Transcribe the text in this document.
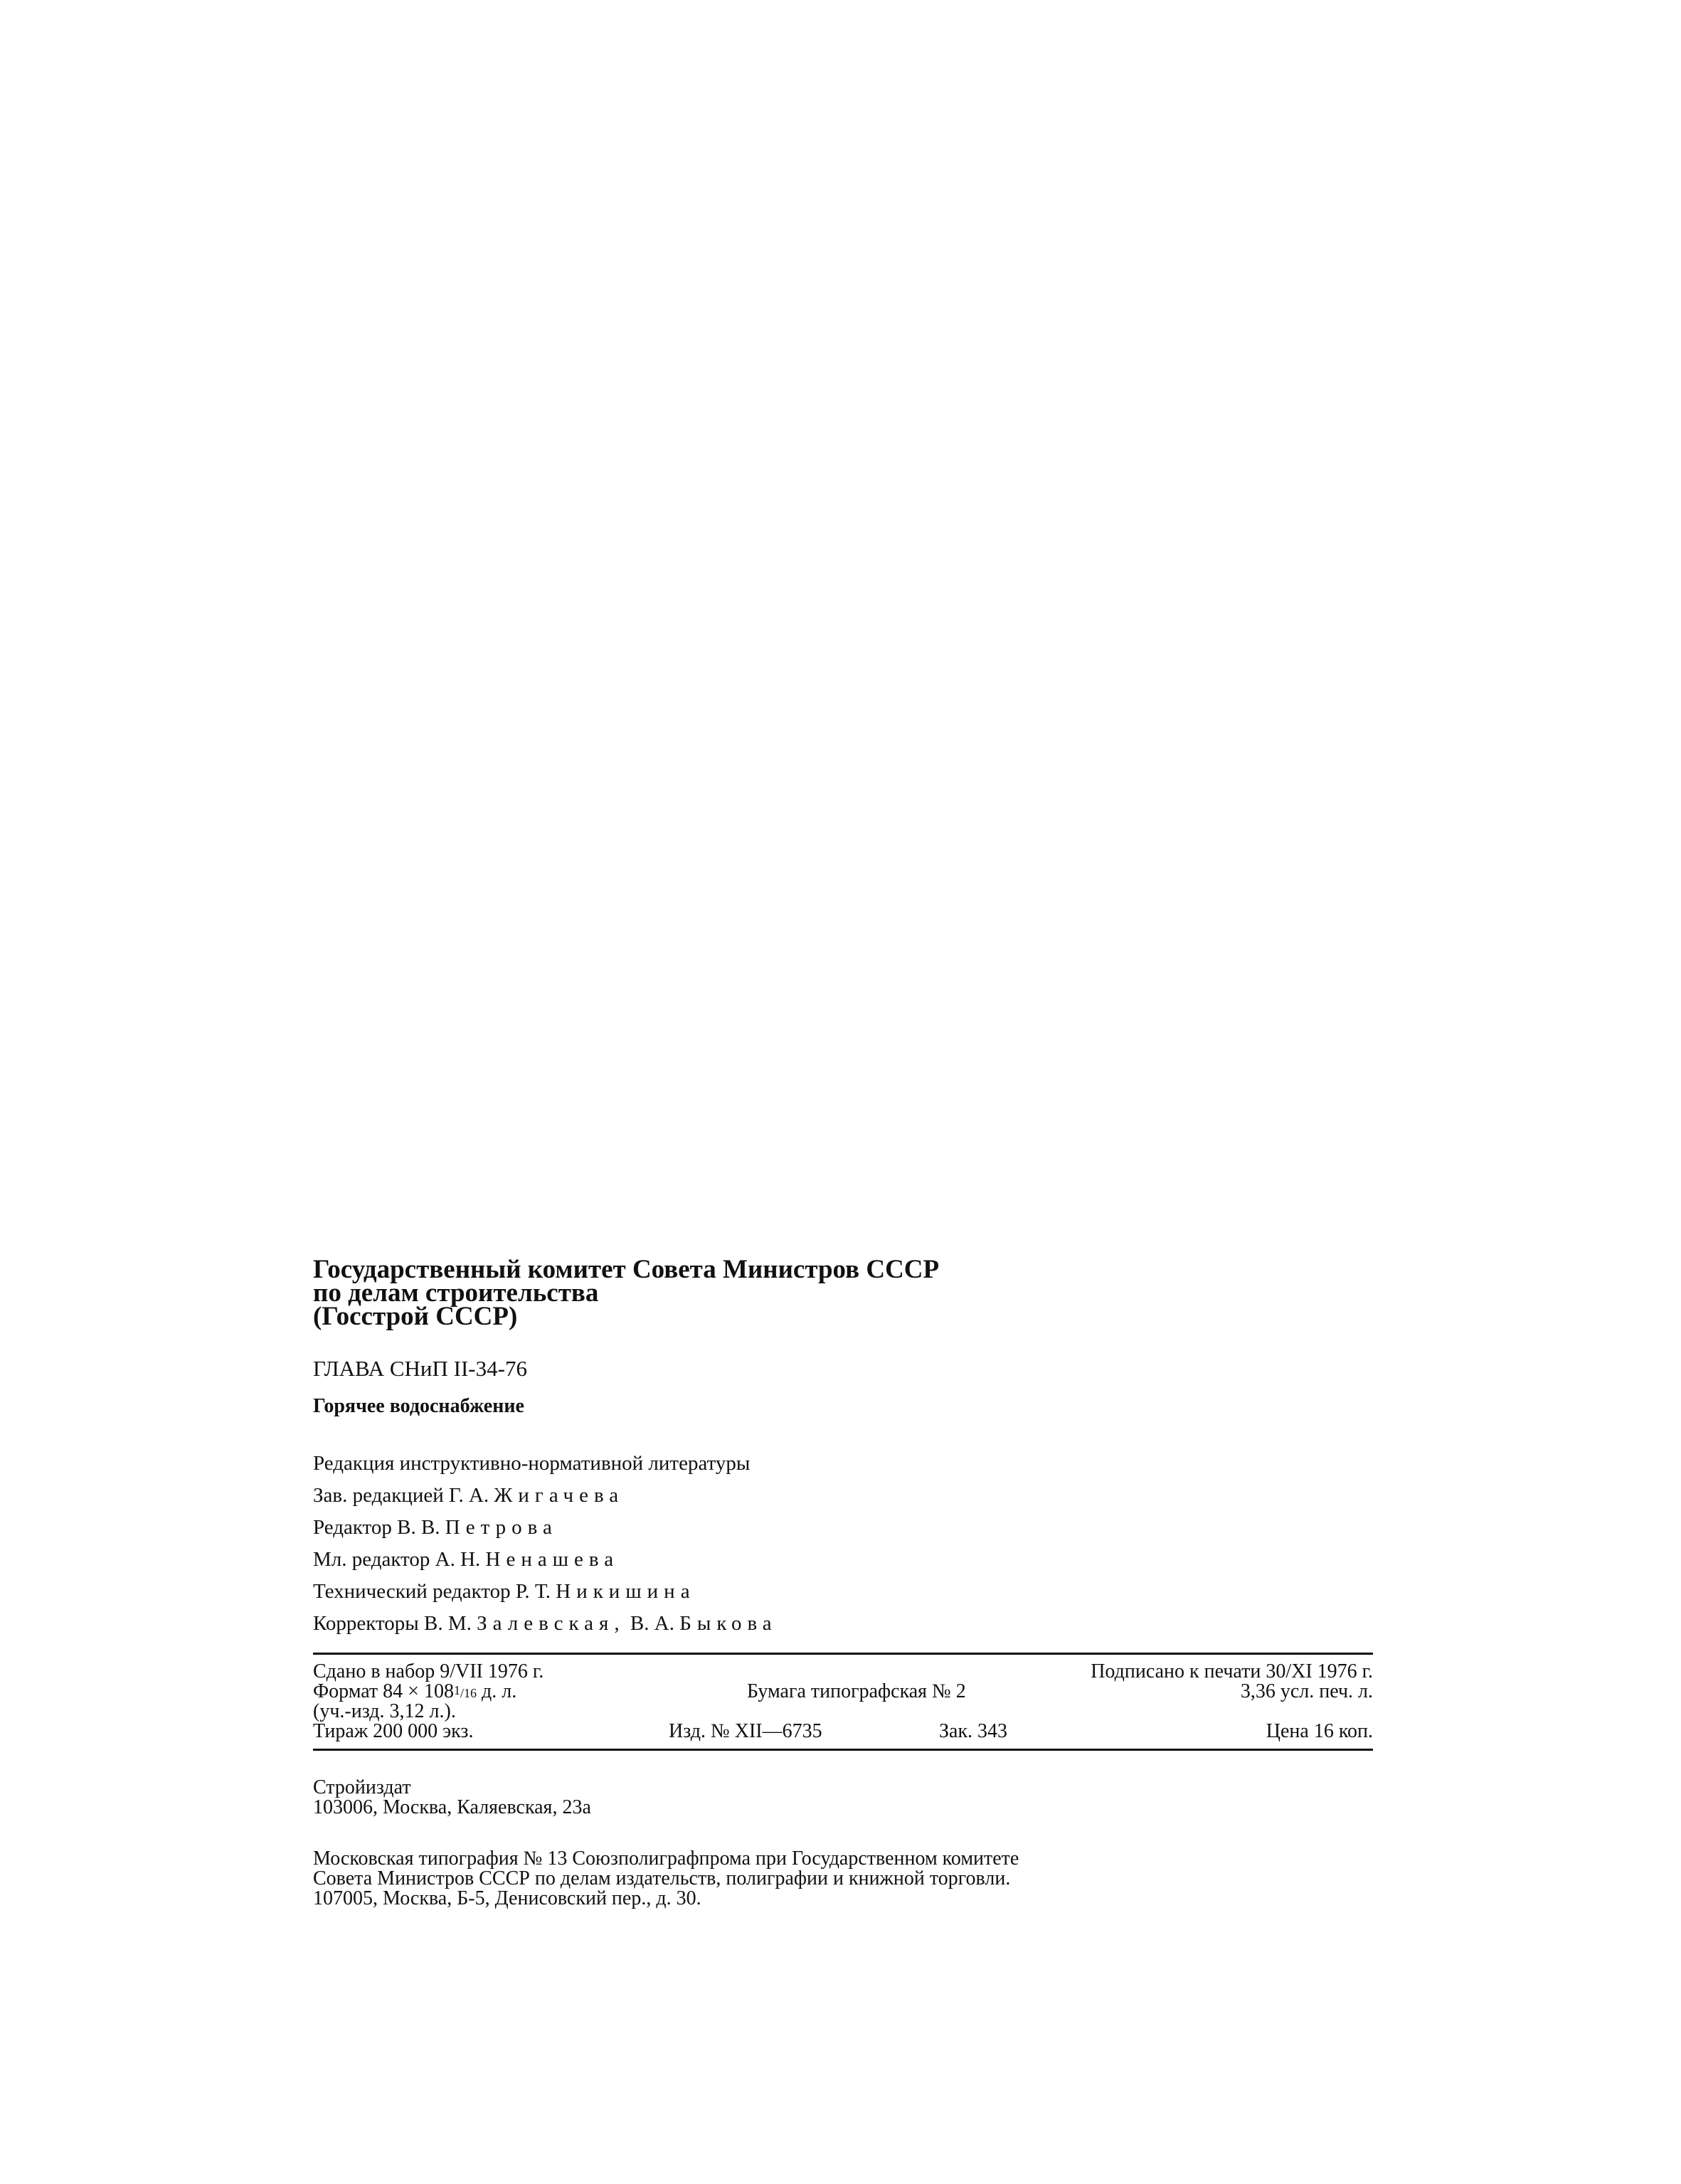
Государственный комитет Совета Министров СССР
по делам строительства
(Госстрой СССР)
ГЛАВА СНиП II-34-76
Горячее водоснабжение
Редакция инструктивно-нормативной литературы
Зав. редакцией Г. А. Жигачева
Редактор В. В. Петрова
Мл. редактор А. Н. Ненашева
Технический редактор Р. Т. Никишина
Корректоры В. М. Залевская, В. А. Быкова
Сдано в набор 9/VII 1976 г.	Подписано к печати 30/XI 1976 г.
Формат $84 \times 108^1/16$ д. л.	Бумага типографская № 2	3,36 усл. печ. л.
(уч.-изд. 3,12 л.).
Тираж 200 000 экз.	Изд. № XII—6735	Зак. 343	Цена 16 коп.
Стройиздат
103006, Москва, Каляевская, 23а
Московская типография № 13 Союзполиграфпрома при Государственном комитете
Совета Министров СССР по делам издательств, полиграфии и книжной торговли.
107005, Москва, Б-5, Денисовский пер., д. 30.
